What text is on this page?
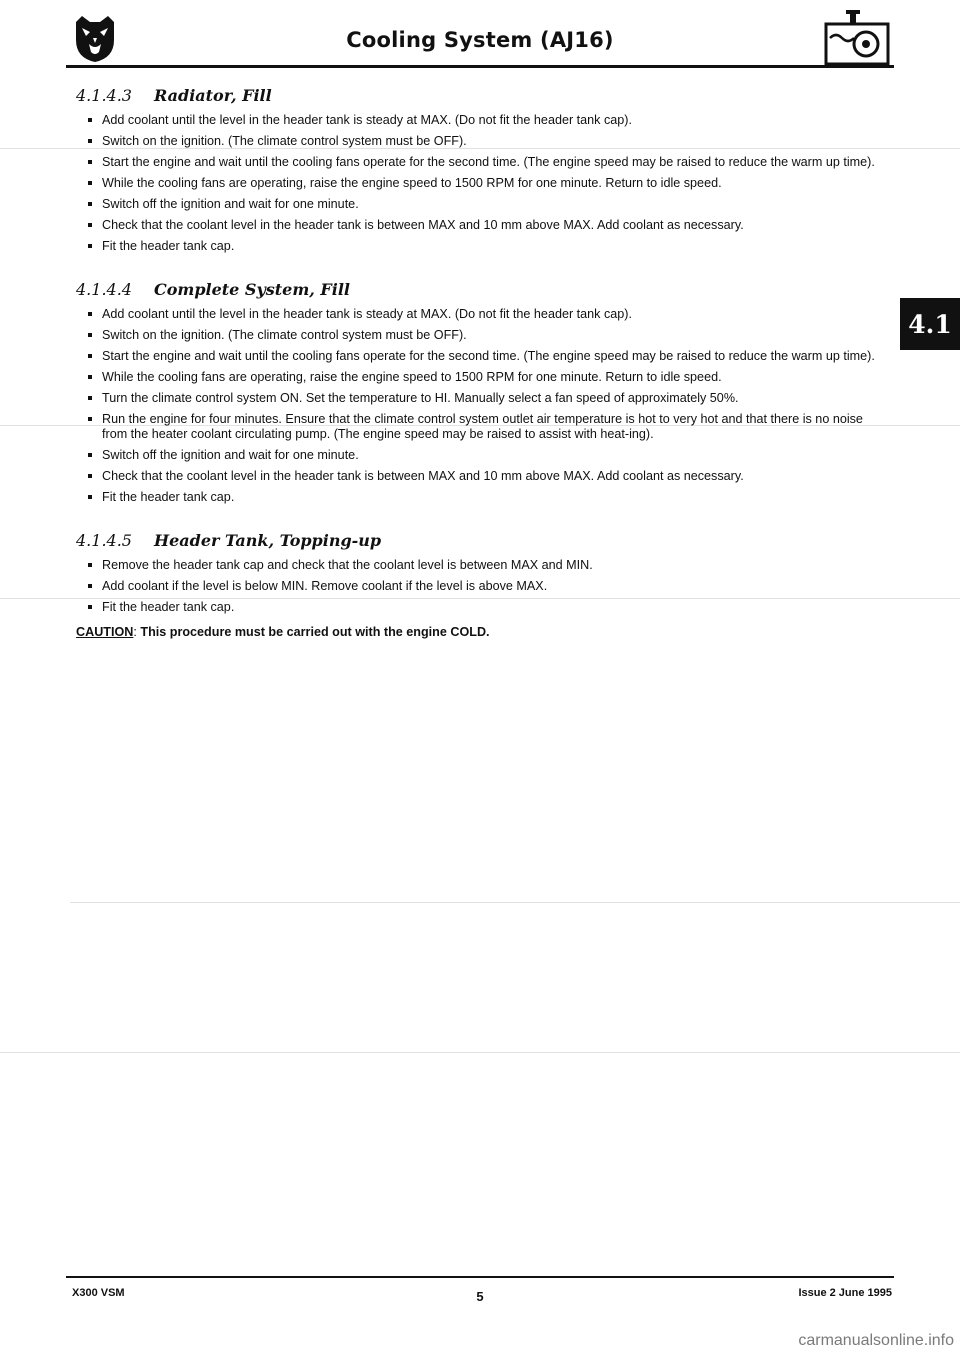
Cooling System (AJ16)
4.1
4.1.4.3 Radiator, Fill
Add coolant until the level in the header tank is steady at MAX. (Do not fit the header tank cap).
Switch on the ignition. (The climate control system must be OFF).
Start the engine and wait until the cooling fans operate for the second time. (The engine speed may be raised to reduce the warm up time).
While the cooling fans are operating, raise the engine speed to 1500 RPM for one minute. Return to idle speed.
Switch off the ignition and wait for one minute.
Check that the coolant level in the header tank is between MAX and 10 mm above MAX. Add coolant as necessary.
Fit the header tank cap.
4.1.4.4 Complete System, Fill
Add coolant until the level in the header tank is steady at MAX. (Do not fit the header tank cap).
Switch on the ignition. (The climate control system must be OFF).
Start the engine and wait until the cooling fans operate for the second time. (The engine speed may be raised to reduce the warm up time).
While the cooling fans are operating, raise the engine speed to 1500 RPM for one minute. Return to idle speed.
Turn the climate control system ON. Set the temperature to HI. Manually select a fan speed of approximately 50%.
Run the engine for four minutes. Ensure that the climate control system outlet air temperature is hot to very hot and that there is no noise from the heater coolant circulating pump. (The engine speed may be raised to assist with heat-ing).
Switch off the ignition and wait for one minute.
Check that the coolant level in the header tank is between MAX and 10 mm above MAX. Add coolant as necessary.
Fit the header tank cap.
4.1.4.5 Header Tank, Topping-up
Remove the header tank cap and check that the coolant level is between MAX and MIN.
Add coolant if the level is below MIN. Remove coolant if the level is above MAX.
Fit the header tank cap.
CAUTION: This procedure must be carried out with the engine COLD.
X300 VSM	5	Issue 2 June 1995
carmanualsonline.info
